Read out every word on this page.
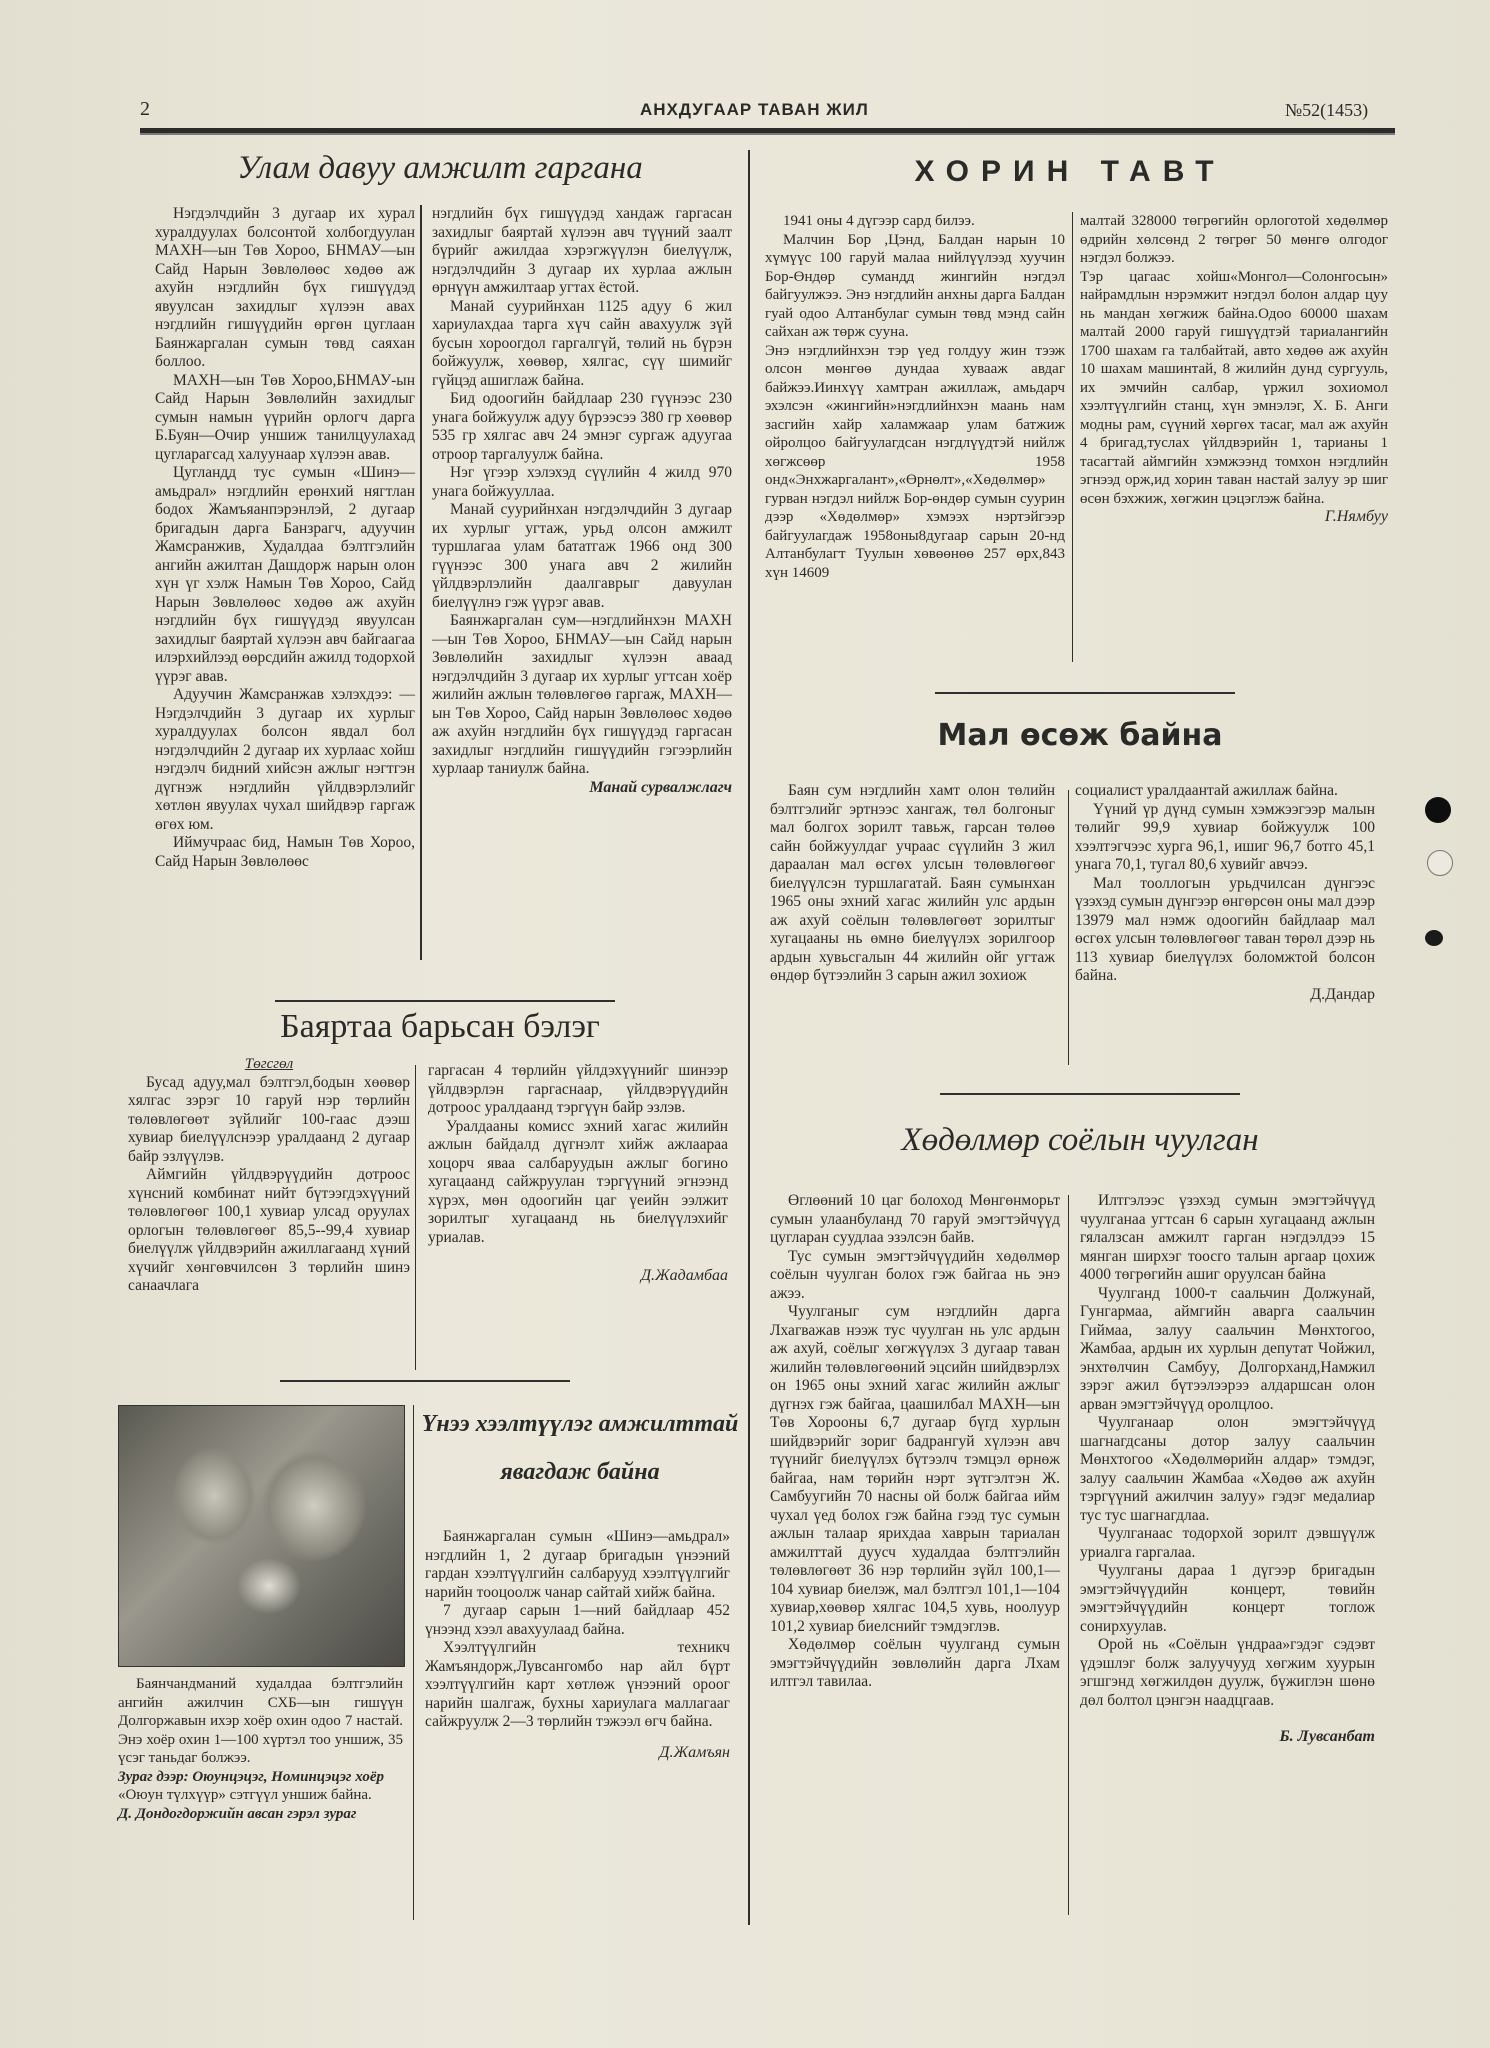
2	АНХДУГААР ТАВАН ЖИЛ	№52(1453)
Улам давуу амжилт гаргана

Нэгдэлчдийн 3 дугаар их хурал хуралдуулах болсонтой холбогдуулан МАХН—ын Төв Хороо, БНМАУ—ын Сайд Нарын Зөвлөлөөс хөдөө аж ахуйн нэгдлийн бүх гишүүдэд явуулсан захидлыг хүлээн авах нэгдлийн гишүүдийн өргөн цуглаан Баянжаргалан сумын төвд саяхан боллоо.

МАХН—ын Төв Хороо,БНМАУ-ын Сайд Нарын Зөвлөлийн захидлыг сумын намын үүрийн орлогч дарга Б.Буян—Очир уншиж танилцуулахад цугларагсад халуунаар хүлээн авав.

Цугландд тус сумын «Шинэ—амьдрал» нэгдлийн ерөнхий нягтлан бодох Жамъяанпэрэнлэй, 2 дугаар бригадын дарга Банзрагч, адуучин Жамсранжив, Худалдаа бэлтгэлийн ангийн ажилтан Дашдорж нарын олон хүн үг хэлж Намын Төв Хороо, Сайд Нарын Зөвлөлөөс хөдөө аж ахуйн нэгдлийн бүх гишүүдэд явуулсан захидлыг баяртай хүлээн авч байгаагаа илэрхийлээд өөрсдийн ажилд тодорхой үүрэг авав.

Адуучин Жамсранжав хэлэхдээ: —Нэгдэлчдийн 3 дугаар их хурлыг хуралдуулах болсон явдал бол нэгдэлчдийн 2 дугаар их хурлаас хойш нэгдэлч бидний хийсэн ажлыг нэгтгэн дүгнэж нэгдлийн үйлдвэрлэлийг хөтлөн явуулах чухал шийдвэр гаргаж өгөх юм.

Иймучраас бид, Намын Төв Хороо, Сайд Нарын Зөвлөлөөс

нэгдлийн бүх гишүүдэд хандаж гаргасан захидлыг баяртай хүлээн авч түүний заалт бүрийг ажилдаа хэрэгжүүлэн биелүүлж, нэгдэлчдийн 3 дугаар их хурлаа ажлын өрнүүн амжилтаар угтах ёстой.

Манай суурийнхан 1125 адуу 6 жил хариулахдаа тарга хүч сайн авахуулж зүй бусын хороогдол гаргалгүй, төлий нь бүрэн бойжуулж, хөөвөр, хялгас, сүү шимийг гүйцэд ашиглаж байна.

Бид одоогийн байдлаар 230 гүүнээс 230 унага бойжуулж адуу бүрээсээ 380 гр хөөвөр 535 гр хялгас авч 24 эмнэг сургаж адуугаа отроор таргалуулж байна.

Нэг үгээр хэлэхэд сүүлийн 4 жилд 970 унага бойжууллаа.

Манай суурийнхан нэгдэлчдийн 3 дугаар их хурлыг угтаж, урьд олсон амжилт туршлагаа улам бататгаж 1966 онд 300 гүүнээс 300 унага авч 2 жилийн үйлдвэрлэлийн даалгаврыг давуулан биелүүлнэ гэж үүрэг авав.

Баянжаргалан сум—нэгдлийнхэн МАХН—ын Төв Хороо, БНМАУ—ын Сайд нарын Зөвлөлийн захидлыг хүлээн аваад нэгдэлчдийн 3 дугаар их хурлыг угтсан хоёр жилийн ажлын төлөвлөгөө гаргаж, МАХН—ын Төв Хороо, Сайд нарын Зөвлөлөөс хөдөө аж ахуйн нэгдлийн бүх гишүүдэд гаргасан захидлыг нэгдлийн гишүүдийн гэгээрлийн хурлаар таниулж байна.

Манай сурвалжлагч
ХОРИН ТАВТ

1941 оны 4 дүгээр сард билээ.

Малчин Бор ,Цэнд, Балдан нарын 10 хүмүүс 100 гаруй малаа нийлүүлээд хуучин Бор-Өндөр сумандд жингийн нэгдэл байгуулжээ. Энэ нэгдлийн анхны дарга Балдан гуай одоо Алтанбулаг сумын төвд мэнд сайн сайхан аж төрж сууна.

Энэ нэгдлийнхэн тэр үед голдуу жин тээж олсон мөнгөө дундаа хуваaж авдаг байжээ.Иинхүү хамтран ажиллаж, амьдарч эхэлсэн «жингийн»нэгдлийнхэн маань нам засгийн хайр халамжаар улам батжиж ойролцоо байгуулагдсан нэгдлүүдтэй нийлж хөгжсөөр 1958 онд«Энхжаргалант»,«Өрнөлт»,«Хөдөлмөр» гурван нэгдэл нийлж Бор-өндөр сумын суурин дээр «Хөдөлмөр» хэмээх нэртэйгээр байгуулагдаж 1958оны8дугаар сарын 20-нд Алтанбулагт Туулын хөвөөнөө 257 өрх,843 хүн 14609

малтай 328000 төгрөгийн орлоготой хөдөлмөр өдрийн хөлсөнд 2 төгрөг 50 мөнгө олгодог нэгдэл болжээ.

Тэр цагаас хойш«Монгол—Солонгосын» найрамдлын нэрэмжит нэгдэл болон алдар цуу нь мандан хөгжиж байна.Одоо 60000 шахам малтай 2000 гаруй гишүүдтэй тариалангийн 1700 шахам га талбайтай, авто хөдөө аж ахуйн 10 шахам машинтай, 8 жилийн дунд сургууль, их эмчийн салбар, үржил зохиомол хээлтүүлгийн станц, хүн эмнэлэг, Х. Б. Анги модны рам, сүүний хөргөх тасаг, мал аж ахуйн 4 бригад,туслах үйлдвэрийн 1, тарианы 1 тасагтай аймгийн хэмжээнд томхон нэгдлийн эгнээд орж,ид хорин таван настай залуу эр шиг өсөн бэхжиж, хөгжин цэцэглэж байна.

Г.Нямбуу
Мал өсөж байна

Баян сум нэгдлийн хамт олон төлийн бэлтгэлийг эртнээс хангаж, төл болгоныг мал болгох зорилт тавьж, гарсан төлөө сайн бойжуулдаг учраас сүүлийн 3 жил дараалан мал өсгөх улсын төлөвлөгөөг биелүүлсэн туршлагатай. Баян сумынхан 1965 оны эхний хагас жилийн улс ардын аж ахуй соёлын төлөвлөгөөт зорилтыг хугацааны нь өмнө биелүүлэх зорилгоор ардын хувьсгалын 44 жилийн ойг угтаж өндөр бүтээлийн 3 сарын ажил зохиож

социалист уралдаантай ажиллаж байна.

Үүний үр дүнд сумын хэмжээгээр малын төлийг 99,9 хувиар бойжуулж 100 хээлтэгчээс хурга 96,1, ишиг 96,7 ботго 45,1 унага 70,1, тугал 80,6 хувийг авчээ.

Мал тооллогын урьдчилсан дүнгээс үзэхэд сумын дүнгээр өнгөрсөн оны мал дээр 13979 мал нэмж одоогийн байдлаар мал өсгөх улсын төлөвлөгөөг таван төрөл дээр нь 113 хувиар биелүүлэх боломжтой болсон байна.

Д.Дандар
Баяртаа барьсан бэлэг
Төгсгөл

Бусад адуу,мал бэлтгэл,бодын хөөвөр хялгас зэрэг 10 гаруй нэр төрлийн төлөвлөгөөт зүйлийг 100-гаас дээш хувиар биелүүлснээр уралдаанд 2 дугаар байр эзлүүлэв.

Аймгийн үйлдвэрүүдийн дотроос хүнсний комбинат нийт бүтээгдэхүүний төлөвлөгөөг 100,1 хувиар улсад оруулах орлогын төлөвлөгөөг 85,5--99,4 хувиар биелүүлж үйлдвэрийн ажиллагаанд хүний хүчийг хөнгөвчилсөн 3 төрлийн шинэ санаачлага

гаргасан 4 төрлийн үйлдэхүүнийг шинээр үйлдвэрлэн гаргаснаар, үйлдвэрүүдийн дотроос уралдаанд тэргүүн байр эзлэв.

Уралдааны комисс эхний хагас жилийн ажлын байдалд дүгнэлт хийж ажлаараа хоцорч яваа салбаруудын ажлыг богино хугацаанд сайжруулан тэргүүний эгнээнд хүрэх, мөн одоогийн цаг үеийн ээлжит зорилтыг хугацаанд нь биелүүлэхийг уриалав.

Д.Жадамбаа

Баянчандманий худалдаа бэлтгэлийн ангийн ажилчин СХБ—ын гишүүн Долгоржавын ихэр хоёр охин одоо 7 настай. Энэ хоёр охин 1—100 хүртэл тоо уншиж, 35 үсэг таньдаг болжээ.

Зураг дээр: Оюунцэцэг, Номинцэцэг хоёр

«Оюун түлхүүр» сэтгүүл уншиж байна.

Д. Дондогдоржийн авсан гэрэл зураг

Үнээ хээлтүүлэг амжилттай явагдаж байна

Баянжаргалан сумын «Шинэ—амьдрал» нэгдлийн 1, 2 дугаар бригадын үнээний гардан хээлтүүлгийн салбарууд хээлтүүлгийг нарийн тооцоолж чанар сайтай хийж байна.

7 дугаар сарын 1—ний байдлаар 452 үнээнд хээл авахуулаад байна.

Хээлтүүлгийн техникч Жамъяндорж,Лувсангомбо нар айл бүрт хээлтүүлгийн карт хөтлөж үнээний ороог нарийн шалгаж, бухны хариулага маллагааг сайжруулж 2—3 төрлийн тэжээл өгч байна.

Д.Жамъян
Хөдөлмөр соёлын чуулган

Өглөөний 10 цаг болоход Мөнгөнморьт сумын улаанбуланд 70 гаруй эмэгтэйчүүд цугларан суудлаа эзэлсэн байв.

Тус сумын эмэгтэйчүүдийн хөдөлмөр соёлын чуулган болох гэж байгаа нь энэ ажээ.

Чуулганыг сум нэгдлийн дарга Лхагважав нээж тус чуулган нь улс ардын аж ахуй, соёлыг хөгжүүлэх 3 дугаар таван жилийн төлөвлөгөөний эцсийн шийдвэрлэх он 1965 оны эхний хагас жилийн ажлыг дүгнэх гэж байгаа, цаашилбал МАХН—ын Төв Хорооны 6,7 дугаар бүгд хурлын шийдвэрийг зориг бадрангуй хүлээн авч түүнийг биелүүлэх бүтээлч тэмцэл өрнөж байгаа, нам төрийн нэрт зүтгэлтэн Ж. Самбуугийн 70 насны ой болж байгаа ийм чухал үед болох гэж байна гээд тус сумын ажлын талаар ярихдаа хаврын тариалан амжилттай дуусч худалдаа бэлтгэлийн төлөвлөгөөт 36 нэр төрлийн зүйл 100,1—104 хувиар биелэж, мал бэлтгэл 101,1—104 хувиар,хөөвөр хялгас 104,5 хувь, ноолуур 101,2 хувиар биелснийг тэмдэглэв.

Хөдөлмөр соёлын чуулганд сумын эмэгтэйчүүдийн зөвлөлийн дарга Лхам илтгэл тавилаа.

Илтгэлээс үзэхэд сумын эмэгтэйчүүд чуулганаа угтсан 6 сарын хугацаанд ажлын гялалзсан амжилт гарган нэгдэлдээ 15 мянган ширхэг тоосго талын аргаар цохиж 4000 төгрөгийн ашиг оруулсан байна

Чуулганд 1000-т саальчин Должунай, Гунгармаа, аймгийн аварга саальчин Гиймаа, залуу саальчин Мөнхтогоо, Жамбаа, ардын их хурлын депутат Чойжил, энхтөлчин Самбуу, Долгорханд,Намжил зэрэг ажил бүтээлээрээ алдаршсан олон арван эмэгтэйчүүд оролцлоо.

Чуулганаар олон эмэгтэйчүүд шагнагдсаны дотор залуу саальчин Мөнхтогоо «Хөдөлмөрийн алдар» тэмдэг, залуу саальчин Жамбаа «Хөдөө аж ахуйн тэргүүний ажилчин залуу» гэдэг медалиар тус тус шагнагдлаа.

Чуулганаас тодорхой зорилт дэвшүүлж уриалга гаргалаа.

Чуулганы дараа 1 дүгээр бригадын эмэгтэйчүүдийн концерт, төвийн эмэгтэйчүүдийн концерт тоглож сонирхуулав.

Орой нь «Соёлын үндраа»гэдэг сэдэвт үдэшлэг болж залуучууд хөгжим хуурын эгшгэнд хөгжилдөн дуулж, бүжиглэн шөнө дөл болтол цэнгэн наадцгаав.

Б. Лувсанбат
